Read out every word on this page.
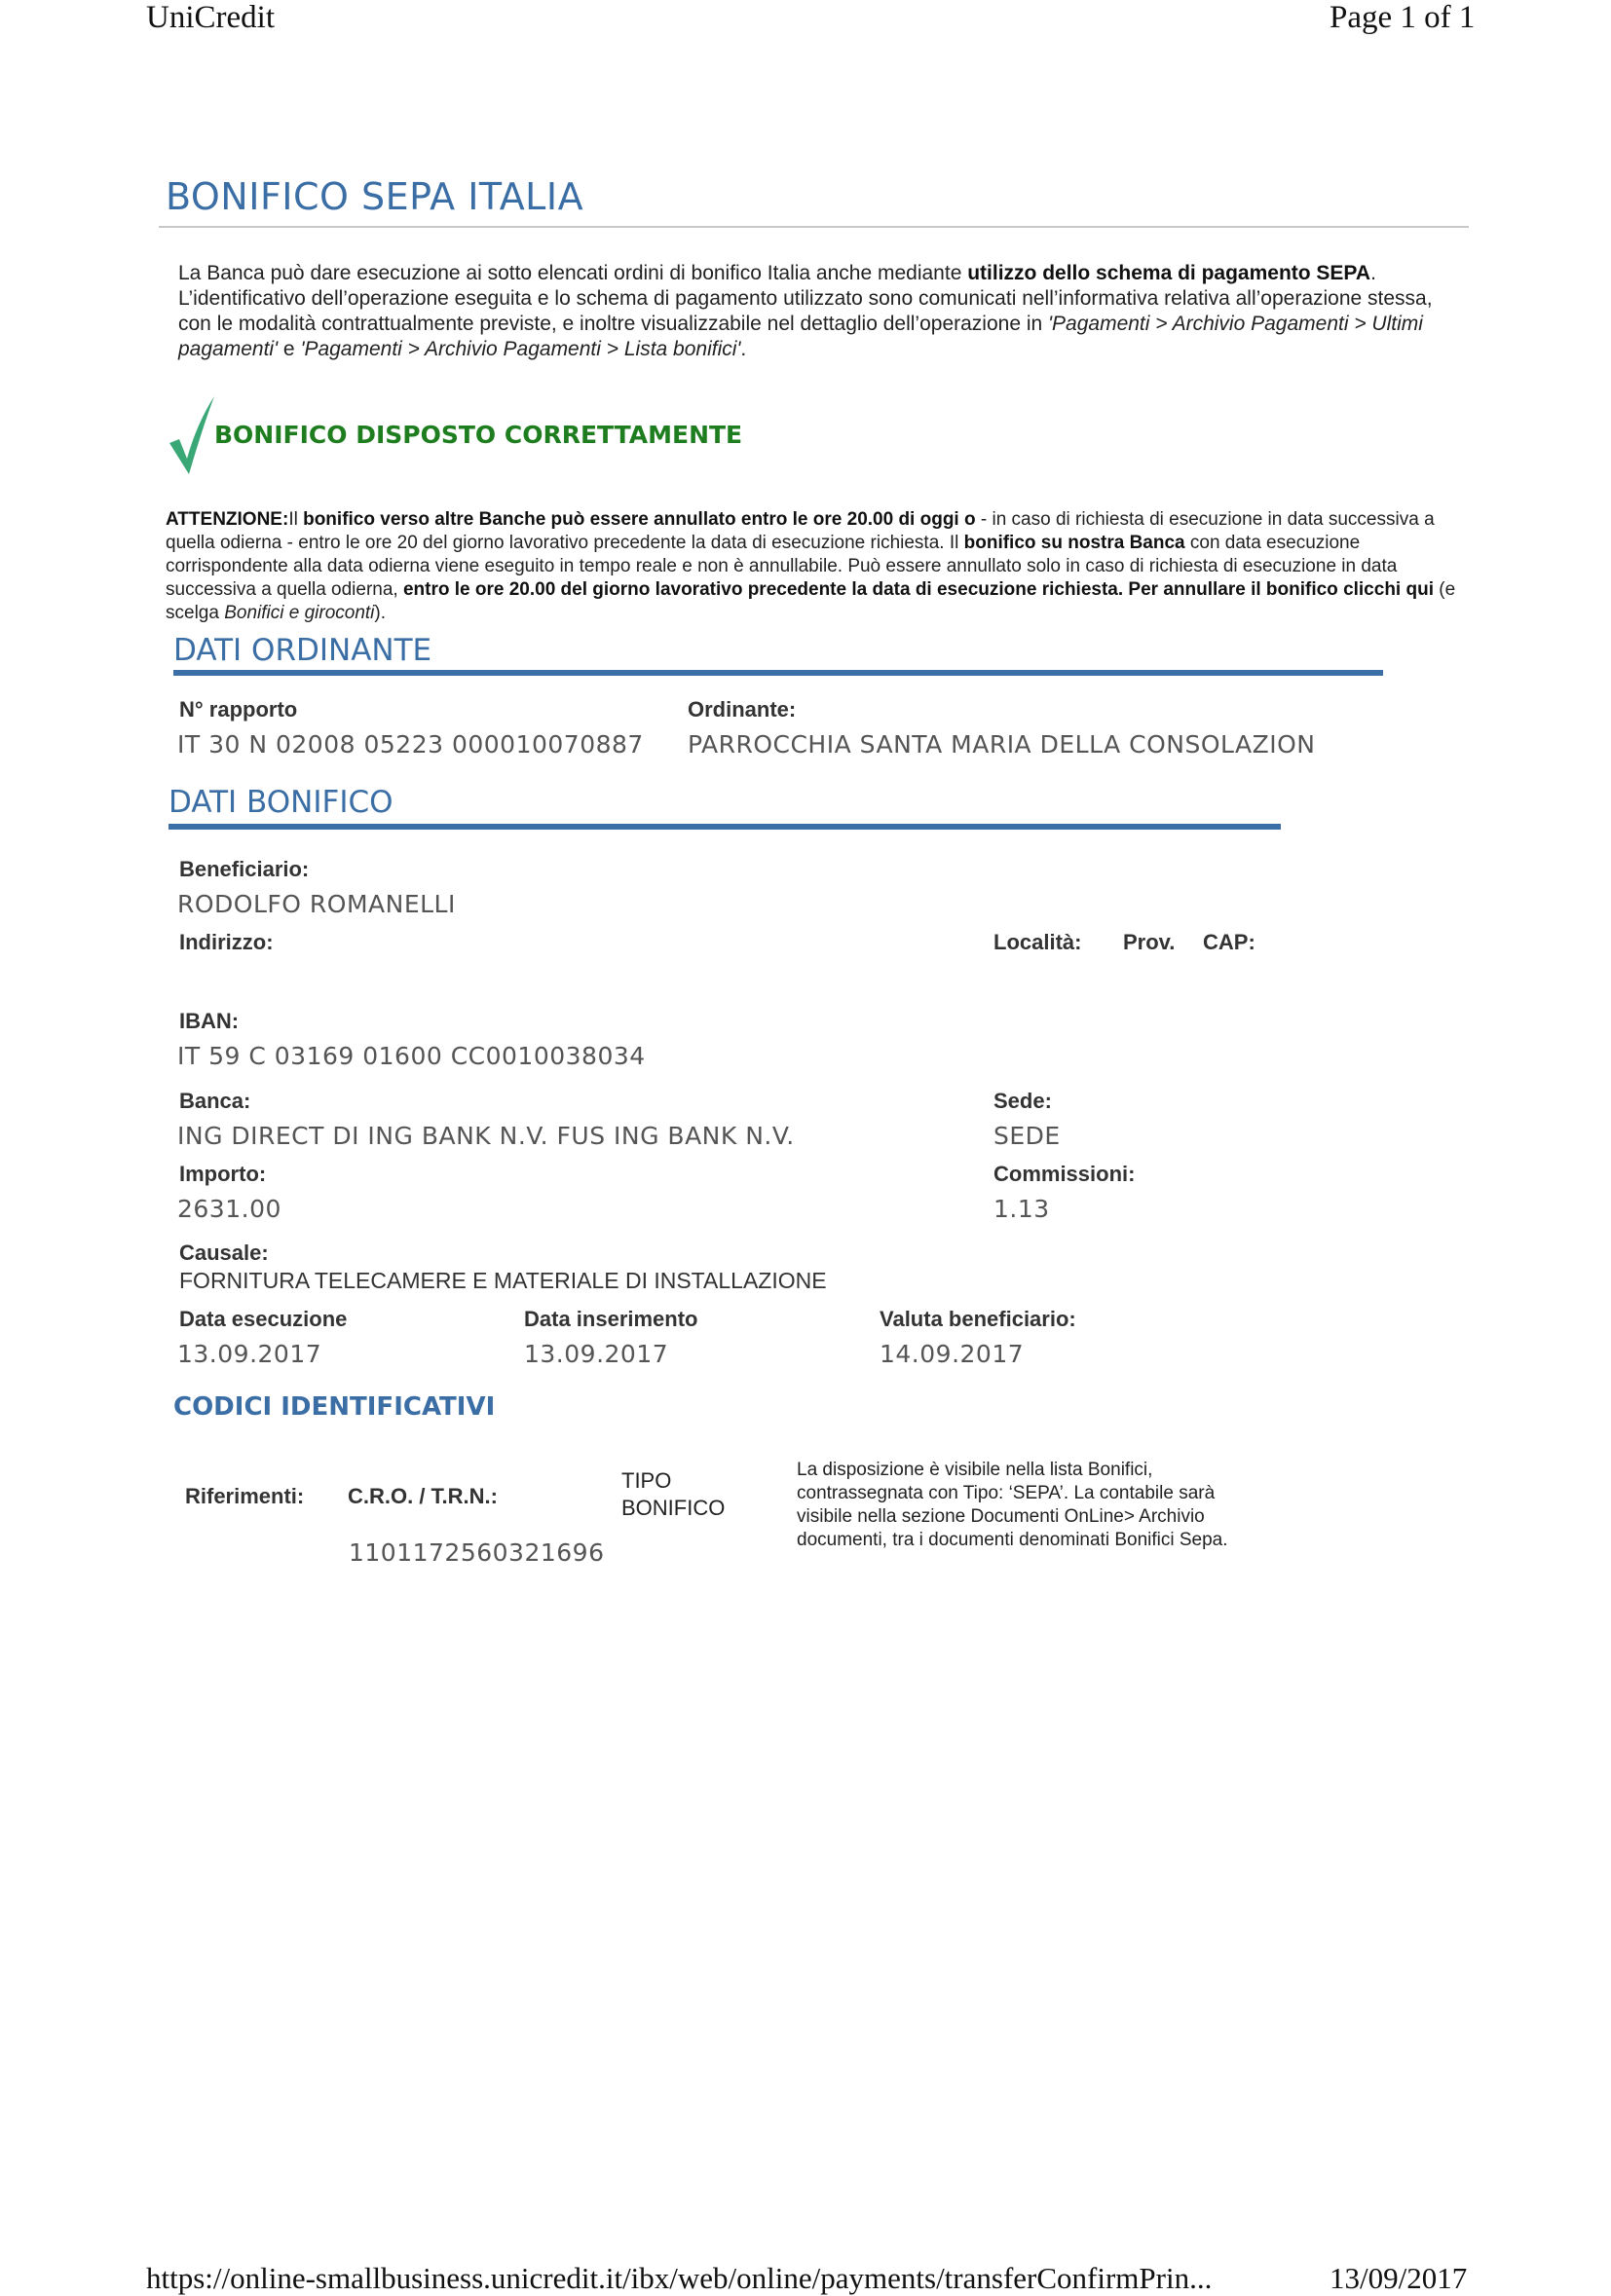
UniCredit	Page 1 of 1
BONIFICO SEPA ITALIA
La Banca può dare esecuzione ai sotto elencati ordini di bonifico Italia anche mediante utilizzo dello schema di pagamento SEPA. L’identificativo dell’operazione eseguita e lo schema di pagamento utilizzato sono comunicati nell’informativa relativa all’operazione stessa, con le modalità contrattualmente previste, e inoltre visualizzabile nel dettaglio dell’operazione in 'Pagamenti > Archivio Pagamenti > Ultimi pagamenti' e 'Pagamenti > Archivio Pagamenti > Lista bonifici'.
BONIFICO DISPOSTO CORRETTAMENTE
ATTENZIONE:Il bonifico verso altre Banche può essere annullato entro le ore 20.00 di oggi o - in caso di richiesta di esecuzione in data successiva a quella odierna - entro le ore 20 del giorno lavorativo precedente la data di esecuzione richiesta. Il bonifico su nostra Banca con data esecuzione corrispondente alla data odierna viene eseguito in tempo reale e non è annullabile. Può essere annullato solo in caso di richiesta di esecuzione in data successiva a quella odierna, entro le ore 20.00 del giorno lavorativo precedente la data di esecuzione richiesta. Per annullare il bonifico clicchi qui (e scelga Bonifici e giroconti).
DATI ORDINANTE
N° rapporto
IT 30 N 02008 05223 000010070887
Ordinante:
PARROCCHIA SANTA MARIA DELLA CONSOLAZION
DATI BONIFICO
Beneficiario:
RODOLFO ROMANELLI
Indirizzo:	Località: Prov. CAP:
IBAN:
IT 59 C 03169 01600 CC0010038034
Banca:
ING DIRECT DI ING BANK N.V. FUS ING BANK N.V.
Sede:
SEDE
Importo:
2631.00
Commissioni:
1.13
Causale:
FORNITURA TELECAMERE E MATERIALE DI INSTALLAZIONE
Data esecuzione
13.09.2017
Data inserimento
13.09.2017
Valuta beneficiario:
14.09.2017
CODICI IDENTIFICATIVI
Riferimenti: C.R.O. / T.R.N.:
1101172560321696
TIPO
BONIFICO
La disposizione è visibile nella lista Bonifici, contrassegnata con Tipo: ‘SEPA’. La contabile sarà visibile nella sezione Documenti OnLine> Archivio documenti, tra i documenti denominati Bonifici Sepa.
https://online-smallbusiness.unicredit.it/ibx/web/online/payments/transferConfirmPrin...	13/09/2017
